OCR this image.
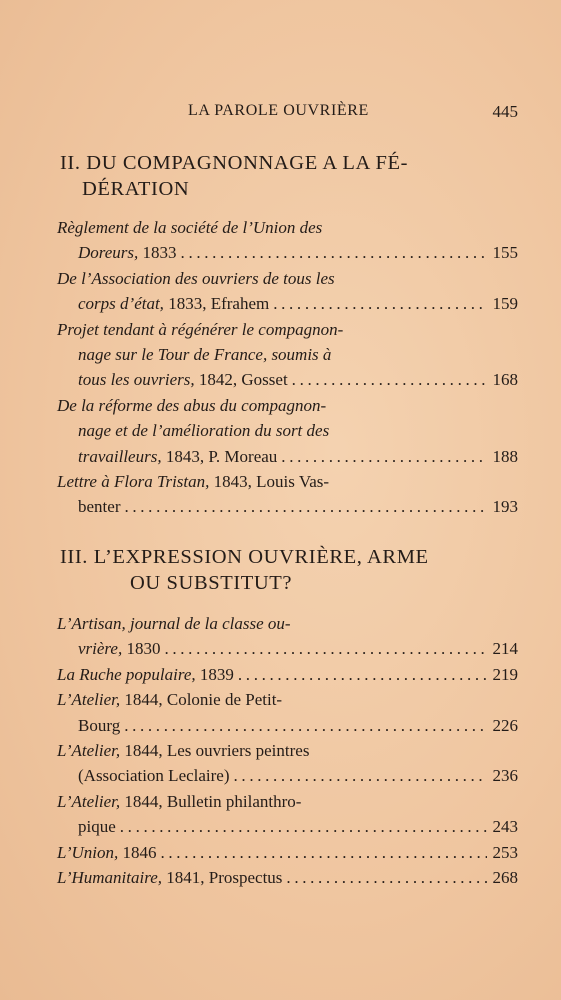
LA PAROLE OUVRIÈRE	445
II. DU COMPAGNONNAGE A LA FÉ-
DÉRATION
Règlement de la société de l’Union des
Doreurs, 1833 . . .	155
De l’Association des ouvriers de tous les
corps d’état, 1833, Efrahem . . .	159
Projet tendant à régénérer le compagnon-
nage sur le Tour de France, soumis à
tous les ouvriers, 1842, Gosset . . .	168
De la réforme des abus du compagnon-
nage et de l’amélioration du sort des
travailleurs, 1843, P. Moreau . . .	188
Lettre à Flora Tristan, 1843, Louis Vas-
benter . . .	193
III. L’EXPRESSION OUVRIÈRE, ARME
OU SUBSTITUT?
L’Artisan, journal de la classe ou-
vrière, 1830 . . .	214
La Ruche populaire, 1839 . . .	219
L’Atelier, 1844, Colonie de Petit-
Bourg . . .	226
L’Atelier, 1844, Les ouvriers peintres
(Association Leclaire) . . .	236
L’Atelier, 1844, Bulletin philanthro-
pique . . .	243
L’Union, 1846 . . .	253
L’Humanitaire, 1841, Prospectus . . .	268
